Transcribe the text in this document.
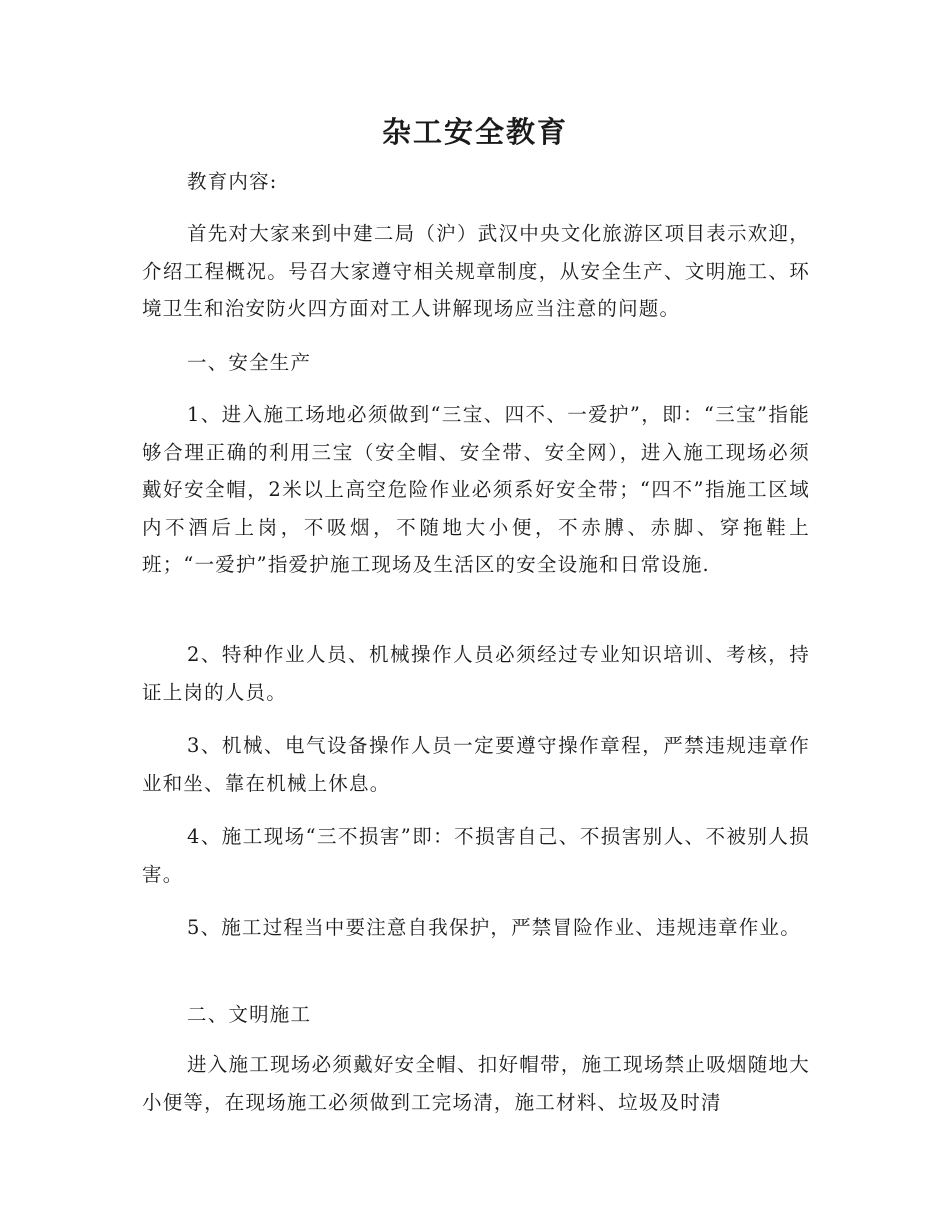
杂工安全教育

教育内容:

首先对大家来到中建二局（沪）武汉中央文化旅游区项目表示欢迎，介绍工程概况。号召大家遵守相关规章制度，从安全生产、文明施工、环境卫生和治安防火四方面对工人讲解现场应当注意的问题。

一、安全生产

1、进入施工场地必须做到“三宝、四不、一爱护”，即：“三宝”指能够合理正确的利用三宝（安全帽、安全带、安全网），进入施工现场必须戴好安全帽，2米以上高空危险作业必须系好安全带；“四不”指施工区域内不酒后上岗，不吸烟，不随地大小便，不赤膊、赤脚、穿拖鞋上班；“一爱护”指爱护施工现场及生活区的安全设施和日常设施.

2、特种作业人员、机械操作人员必须经过专业知识培训、考核，持证上岗的人员。

3、机械、电气设备操作人员一定要遵守操作章程，严禁违规违章作业和坐、靠在机械上休息。

4、施工现场“三不损害”即：不损害自己、不损害别人、不被别人损害。

5、施工过程当中要注意自我保护，严禁冒险作业、违规违章作业。

二、文明施工

进入施工现场必须戴好安全帽、扣好帽带，施工现场禁止吸烟随地大小便等，在现场施工必须做到工完场清，施工材料、垃圾及时清
